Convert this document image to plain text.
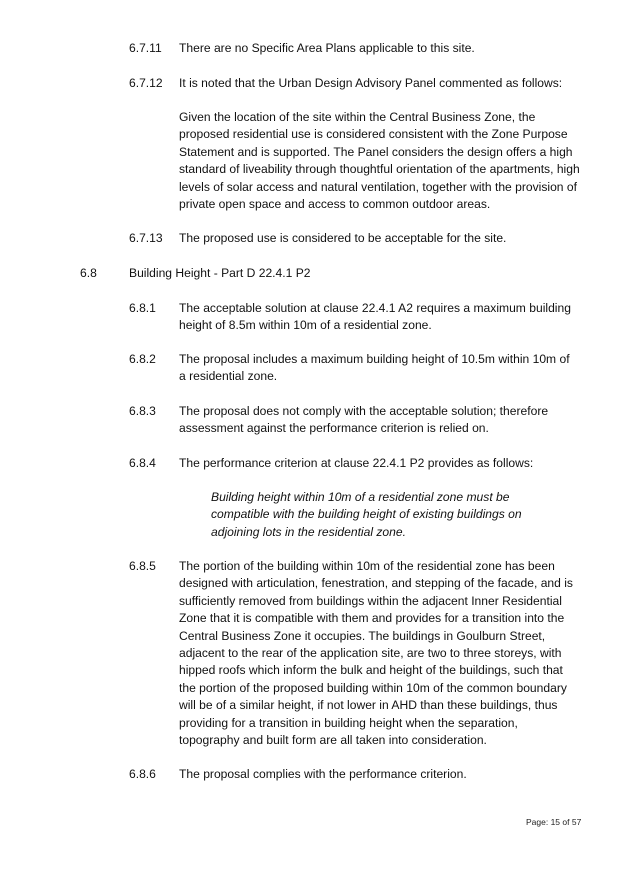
6.7.11 There are no Specific Area Plans applicable to this site.
6.7.12 It is noted that the Urban Design Advisory Panel commented as follows:
Given the location of the site within the Central Business Zone, the proposed residential use is considered consistent with the Zone Purpose Statement and is supported. The Panel considers the design offers a high standard of liveability through thoughtful orientation of the apartments, high levels of solar access and natural ventilation, together with the provision of private open space and access to common outdoor areas.
6.7.13 The proposed use is considered to be acceptable for the site.
6.8	Building Height - Part D 22.4.1 P2
6.8.1 The acceptable solution at clause 22.4.1 A2 requires a maximum building height of 8.5m within 10m of a residential zone.
6.8.2 The proposal includes a maximum building height of 10.5m within 10m of a residential zone.
6.8.3 The proposal does not comply with the acceptable solution; therefore assessment against the performance criterion is relied on.
6.8.4 The performance criterion at clause 22.4.1 P2 provides as follows:
Building height within 10m of a residential zone must be compatible with the building height of existing buildings on adjoining lots in the residential zone.
6.8.5 The portion of the building within 10m of the residential zone has been designed with articulation, fenestration, and stepping of the facade, and is sufficiently removed from buildings within the adjacent Inner Residential Zone that it is compatible with them and provides for a transition into the Central Business Zone it occupies. The buildings in Goulburn Street, adjacent to the rear of the application site, are two to three storeys, with hipped roofs which inform the bulk and height of the buildings, such that the portion of the proposed building within 10m of the common boundary will be of a similar height, if not lower in AHD than these buildings, thus providing for a transition in building height when the separation, topography and built form are all taken into consideration.
6.8.6 The proposal complies with the performance criterion.
Page: 15 of 57
